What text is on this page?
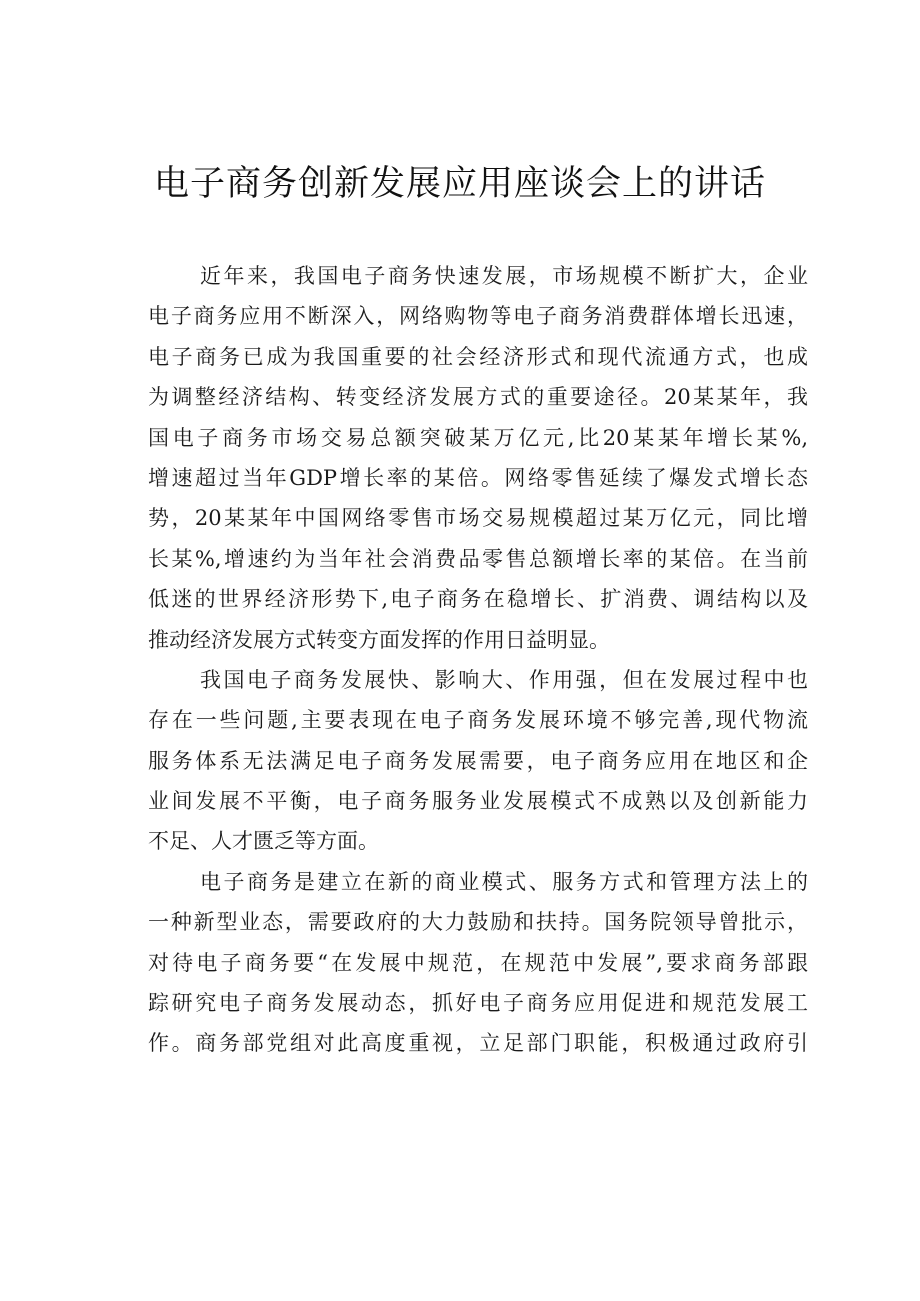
电子商务创新发展应用座谈会上的讲话
近年来，我国电子商务快速发展，市场规模不断扩大，企业
电子商务应用不断深入，网络购物等电子商务消费群体增长迅速，
电子商务已成为我国重要的社会经济形式和现代流通方式，也成
为调整经济结构、转变经济发展方式的重要途径。20某某年，我
国电子商务市场交易总额突破某万亿元,比20某某年增长某%,
增速超过当年GDP增长率的某倍。网络零售延续了爆发式增长态
势，20某某年中国网络零售市场交易规模超过某万亿元，同比增
长某%,增速约为当年社会消费品零售总额增长率的某倍。在当前
低迷的世界经济形势下,电子商务在稳增长、扩消费、调结构以及
推动经济发展方式转变方面发挥的作用日益明显。
我国电子商务发展快、影响大、作用强，但在发展过程中也
存在一些问题,主要表现在电子商务发展环境不够完善,现代物流
服务体系无法满足电子商务发展需要，电子商务应用在地区和企
业间发展不平衡，电子商务服务业发展模式不成熟以及创新能力
不足、人才匮乏等方面。
电子商务是建立在新的商业模式、服务方式和管理方法上的
一种新型业态，需要政府的大力鼓励和扶持。国务院领导曾批示，
对待电子商务要“在发展中规范，在规范中发展”,要求商务部跟
踪研究电子商务发展动态，抓好电子商务应用促进和规范发展工
作。商务部党组对此高度重视，立足部门职能，积极通过政府引
